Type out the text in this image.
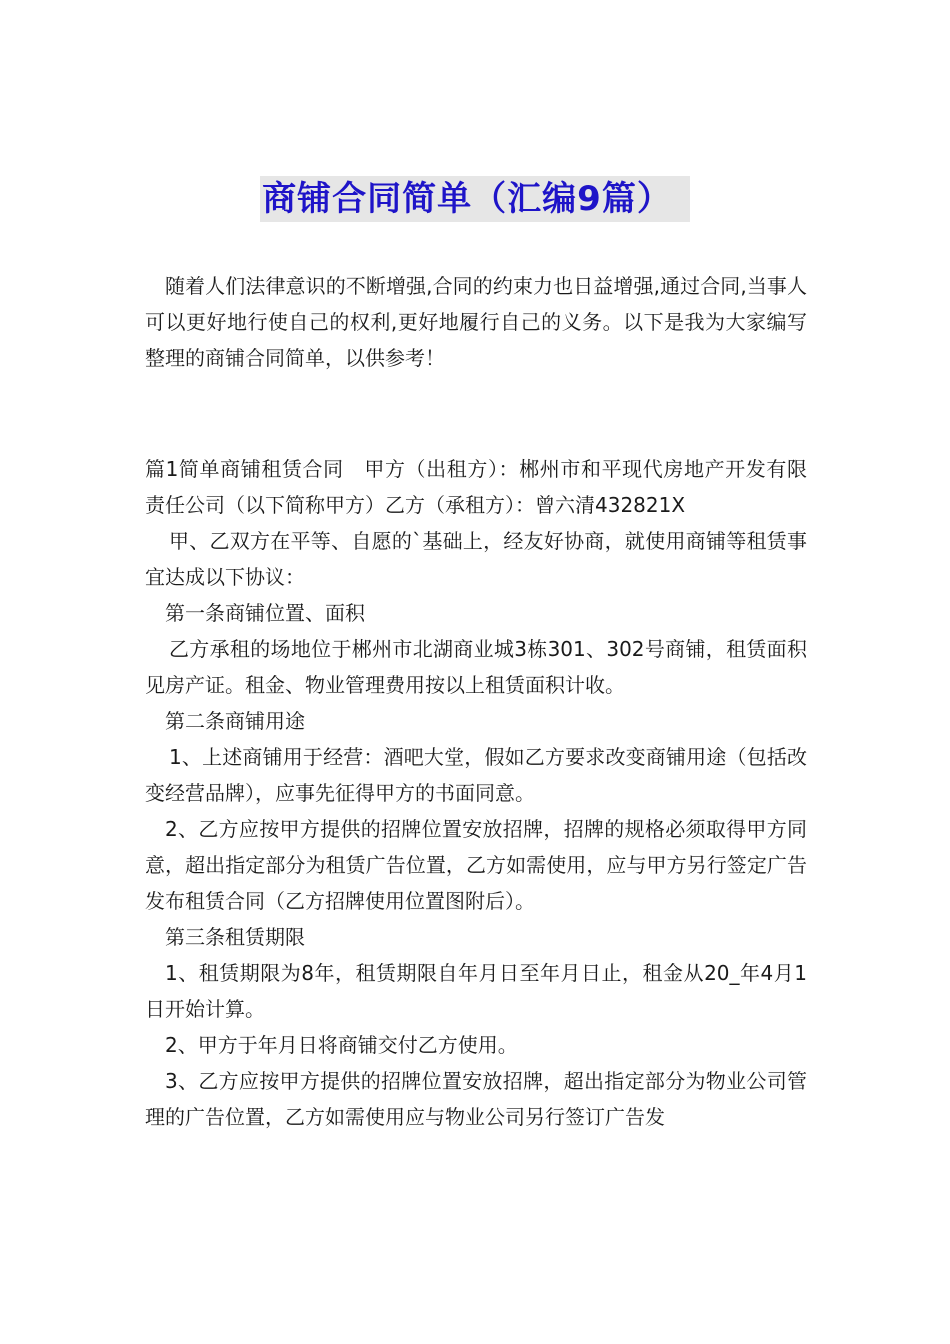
商铺合同简单（汇编9篇）

随着人们法律意识的不断增强,合同的约束力也日益增强,通过合同,当事人可以更好地行使自己的权利,更好地履行自己的义务。以下是我为大家编写整理的商铺合同简单，以供参考！

篇1简单商铺租赁合同　甲方（出租方）：郴州市和平现代房地产开发有限责任公司（以下简称甲方）乙方（承租方）：曾六清432821X

甲、乙双方在平等、自愿的`基础上，经友好协商，就使用商铺等租赁事宜达成以下协议：

第一条商铺位置、面积

乙方承租的场地位于郴州市北湖商业城3栋301、302号商铺，租赁面积见房产证。租金、物业管理费用按以上租赁面积计收。

第二条商铺用途

1、上述商铺用于经营：酒吧大堂，假如乙方要求改变商铺用途（包括改变经营品牌），应事先征得甲方的书面同意。

2、乙方应按甲方提供的招牌位置安放招牌，招牌的规格必须取得甲方同意，超出指定部分为租赁广告位置，乙方如需使用，应与甲方另行签定广告发布租赁合同（乙方招牌使用位置图附后）。

第三条租赁期限

1、租赁期限为8年，租赁期限自年月日至年月日止，租金从20_年4月1日开始计算。

2、甲方于年月日将商铺交付乙方使用。

3、乙方应按甲方提供的招牌位置安放招牌，超出指定部分为物业公司管理的广告位置，乙方如需使用应与物业公司另行签订广告发
